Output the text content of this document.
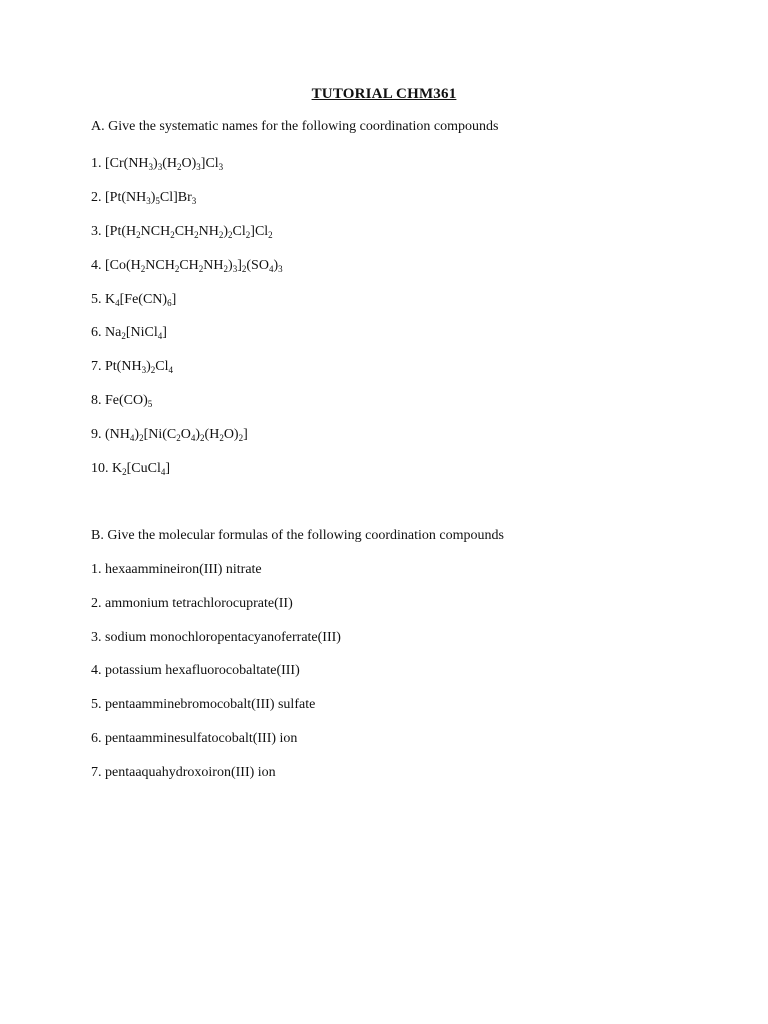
TUTORIAL CHM361
A. Give the systematic names for the following coordination compounds
1. $[Cr(NH_3)_3(H_2O)_3]Cl_3$
2. $[Pt(NH_3)_5Cl]Br_3$
3. $[Pt(H_2NCH_2CH_2NH_2)_2Cl_2]Cl_2$
4. $[Co(H_2NCH_2CH_2NH_2)_3]_2(SO_4)_3$
5. $K_4[Fe(CN)_6]$
6. $Na_2[NiCl_4]$
7. $Pt(NH_3)_2Cl_4$
8. $Fe(CO)_5$
9. $(NH_4)_2[Ni(C_2O_4)_2(H_2O)_2]$
10. $K_2[CuCl_4]$
B. Give the molecular formulas of the following coordination compounds
1. hexaammineiron(III) nitrate
2. ammonium tetrachlorocuprate(II)
3. sodium monochloropentacyanoferrate(III)
4. potassium hexafluorocobaltate(III)
5. pentaamminebromocobalt(III) sulfate
6. pentaamminesulfatocobalt(III) ion
7. pentaaquahydroxoiron(III) ion
